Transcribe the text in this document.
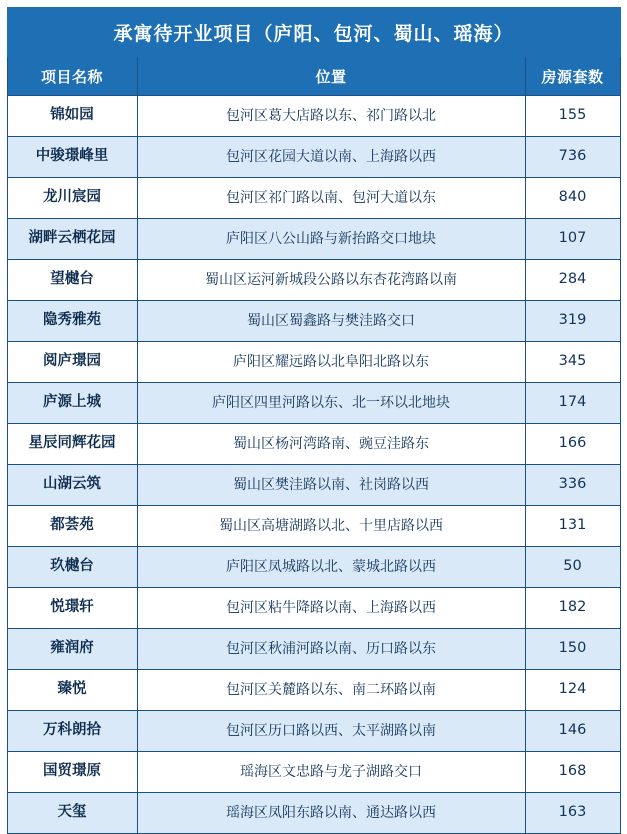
承寓待开业项目（庐阳、包河、蜀山、瑶海）		
项目名称	位置	房源套数
锦如园	包河区葛大店路以东、祁门路以北	155
中骏璟峰里	包河区花园大道以南、上海路以西	736
龙川宸园	包河区祁门路以南、包河大道以东	840
湖畔云栖花园	庐阳区八公山路与新抬路交口地块	107
望樾台	蜀山区运河新城段公路以东杏花湾路以南	284
隐秀雅苑	蜀山区蜀鑫路与樊洼路交口	319
阅庐璟园	庐阳区耀远路以北阜阳北路以东	345
庐源上城	庐阳区四里河路以东、北一环以北地块	174
星辰同辉花园	蜀山区杨河湾路南、豌豆洼路东	166
山湖云筑	蜀山区樊洼路以南、社岗路以西	336
都荟苑	蜀山区高塘湖路以北、十里店路以西	131
玖樾台	庐阳区凤城路以北、蒙城北路以西	50
悦璟轩	包河区粘牛降路以南、上海路以西	182
雍润府	包河区秋浦河路以南、历口路以东	150
臻悦	包河区关麓路以东、南二环路以南	124
万科朗拾	包河区历口路以西、太平湖路以南	146
国贸璟原	瑶海区文忠路与龙子湖路交口	168
天玺	瑶海区凤阳东路以南、通达路以西	163
